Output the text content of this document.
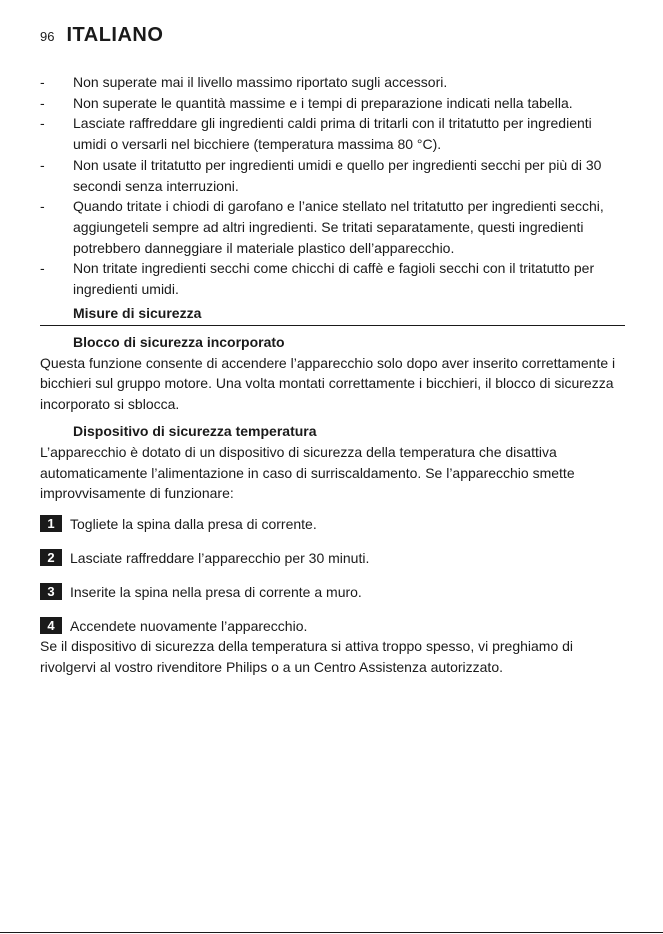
96 ITALIANO
- Non superate mai il livello massimo riportato sugli accessori.
- Non superate le quantità massime e i tempi di preparazione indicati nella tabella.
- Lasciate raffreddare gli ingredienti caldi prima di tritarli con il tritatutto per ingredienti umidi o versarli nel bicchiere (temperatura massima 80 °C).
- Non usate il tritatutto per ingredienti umidi e quello per ingredienti secchi per più di 30 secondi senza interruzioni.
- Quando tritate i chiodi di garofano e l’anice stellato nel tritatutto per ingredienti secchi, aggiungeteli sempre ad altri ingredienti. Se tritati separatamente, questi ingredienti potrebbero danneggiare il materiale plastico dell’apparecchio.
- Non tritate ingredienti secchi come chicchi di caffè e fagioli secchi con il tritatutto per ingredienti umidi.
Misure di sicurezza
Blocco di sicurezza incorporato

Questa funzione consente di accendere l’apparecchio solo dopo aver inserito correttamente i bicchieri sul gruppo motore. Una volta montati correttamente i bicchieri, il blocco di sicurezza incorporato si sblocca.

Dispositivo di sicurezza temperatura

L’apparecchio è dotato di un dispositivo di sicurezza della temperatura che disattiva automaticamente l’alimentazione in caso di surriscaldamento. Se l’apparecchio smette improvvisamente di funzionare:

1	Togliete la spina dalla presa di corrente.
2	Lasciate raffreddare l’apparecchio per 30 minuti.
3	Inserite la spina nella presa di corrente a muro.
4	Accendete nuovamente l’apparecchio.

Se il dispositivo di sicurezza della temperatura si attiva troppo spesso, vi preghiamo di rivolgervi al vostro rivenditore Philips o a un Centro Assistenza autorizzato.
